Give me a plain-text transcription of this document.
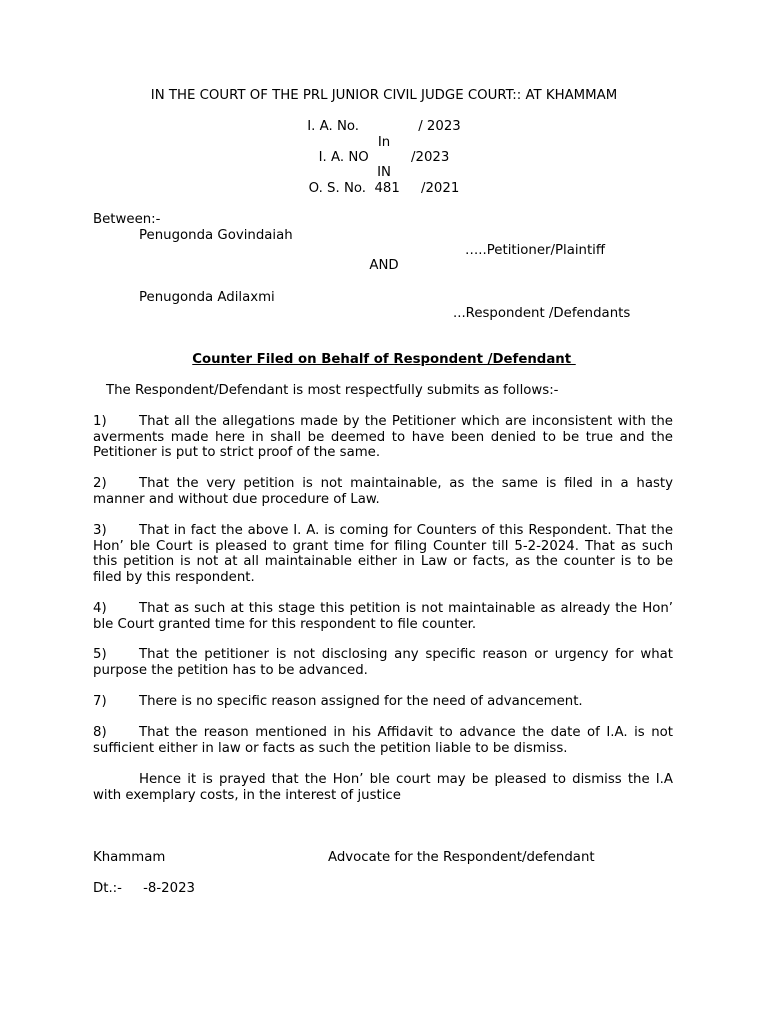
IN THE COURT OF THE PRL JUNIOR CIVIL JUDGE COURT:: AT KHAMMAM
I. A. No.              / 2023
In
I. A. NO          /2023
IN
O. S. No.  481     /2021
Between:-
Penugonda Govindaiah
…..Petitioner/Plaintiff
AND
Penugonda Adilaxmi
...Respondent /Defendants
Counter Filed on Behalf of Respondent /Defendant
The Respondent/Defendant is most respectfully submits as follows:-
1) That all the allegations made by the Petitioner which are inconsistent with the averments made here in shall be deemed to have been denied to be true and the Petitioner is put to strict proof of the same.
2) That the very petition is not maintainable, as the same is filed in a hasty manner and without due procedure of Law.
3) That in fact the above I. A. is coming for Counters of this Respondent. That the Hon’ ble Court is pleased to grant time for filing Counter till 5-2-2024. That as such this petition is not at all maintainable either in Law or facts, as the counter is to be filed by this respondent.
4) That as such at this stage this petition is not maintainable as already the Hon’ ble Court granted time for this respondent to file counter.
5) That the petitioner is not disclosing any specific reason or urgency for what purpose the petition has to be advanced.
7) There is no specific reason assigned for the need of advancement.
8) That the reason mentioned in his Affidavit to advance the date of I.A. is not sufficient either in law or facts as such the petition liable to be dismiss.
Hence it is prayed that the Hon’ ble court may be pleased to dismiss the I.A with exemplary costs, in the interest of justice
Khammam	Advocate for the Respondent/defendant
Dt.:-     -8-2023
